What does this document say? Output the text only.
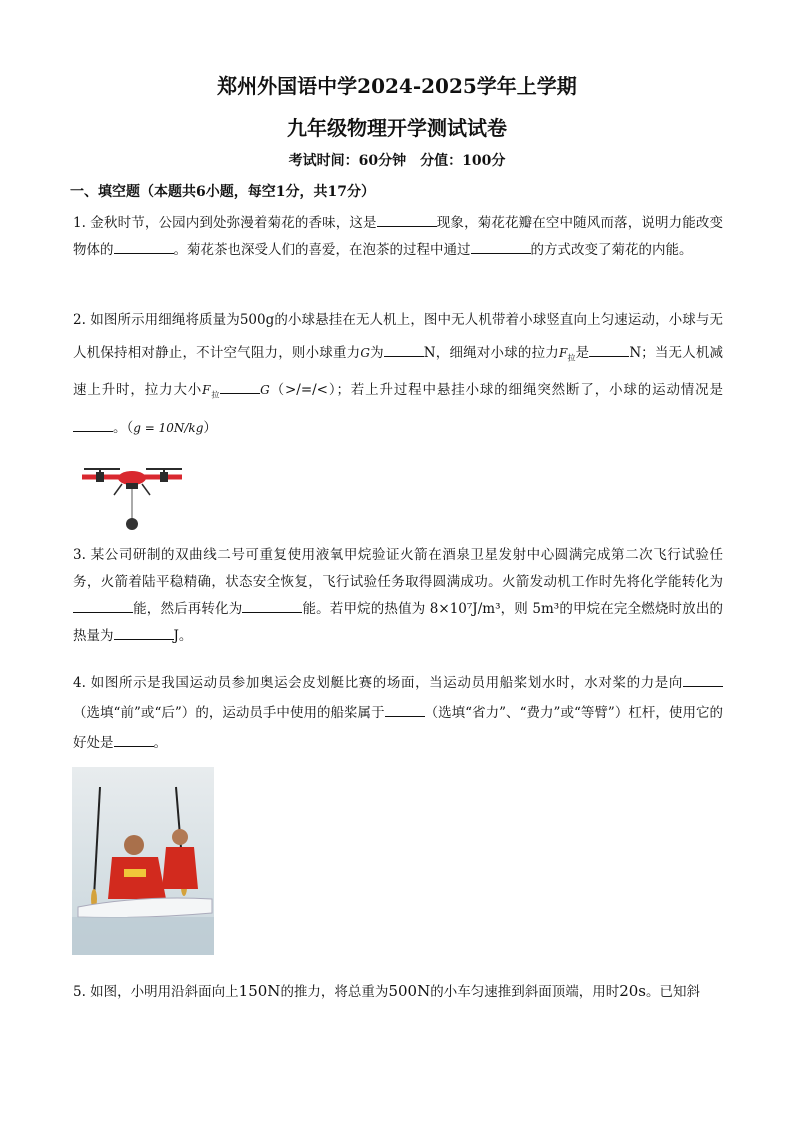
郑州外国语中学2024-2025学年上学期
九年级物理开学测试试卷
考试时间：60分钟　分值：100分
一、填空题（本题共6小题，每空1分，共17分）
1. 金秋时节，公园内到处弥漫着菊花的香味，这是	现象，菊花花瓣在空中随风而落，说明力能改变物体的	。菊花茶也深受人们的喜爱，在泡茶的过程中通过	的方式改变了菊花的内能。
2. 如图所示用细绳将质量为500g的小球悬挂在无人机上，图中无人机带着小球竖直向上匀速运动，小球与无人机保持相对静止，不计空气阻力，则小球重力G为	N，细绳对小球的拉力$F_拉$是	N；当无人机减速上升时，拉力大小$F_拉$	G（>/=/<）；若上升过程中悬挂小球的细绳突然断了，小球的运动情况是。（g = 10N/kg）
3. 某公司研制的双曲线二号可重复使用液氧甲烷验证火箭在酒泉卫星发射中心圆满完成第二次飞行试验任务，火箭着陆平稳精确，状态安全恢复，飞行试验任务取得圆满成功。火箭发动机工作时先将化学能转化为能，然后再转化为	能。若甲烷的热值为 8×10⁷J/m³，则 5m³的甲烷在完全燃烧时放出的热量为	J。
4. 如图所示是我国运动员参加奥运会皮划艇比赛的场面，当运动员用船桨划水时，水对桨的力是向（选填“前”或“后”）的，运动员手中使用的船桨属于	（选填“省力”、“费力”或“等臂”）杠杆，使用它的好处是	。
5. 如图，小明用沿斜面向上150N的推力，将总重为500N的小车匀速推到斜面顶端，用时20s。已知斜
